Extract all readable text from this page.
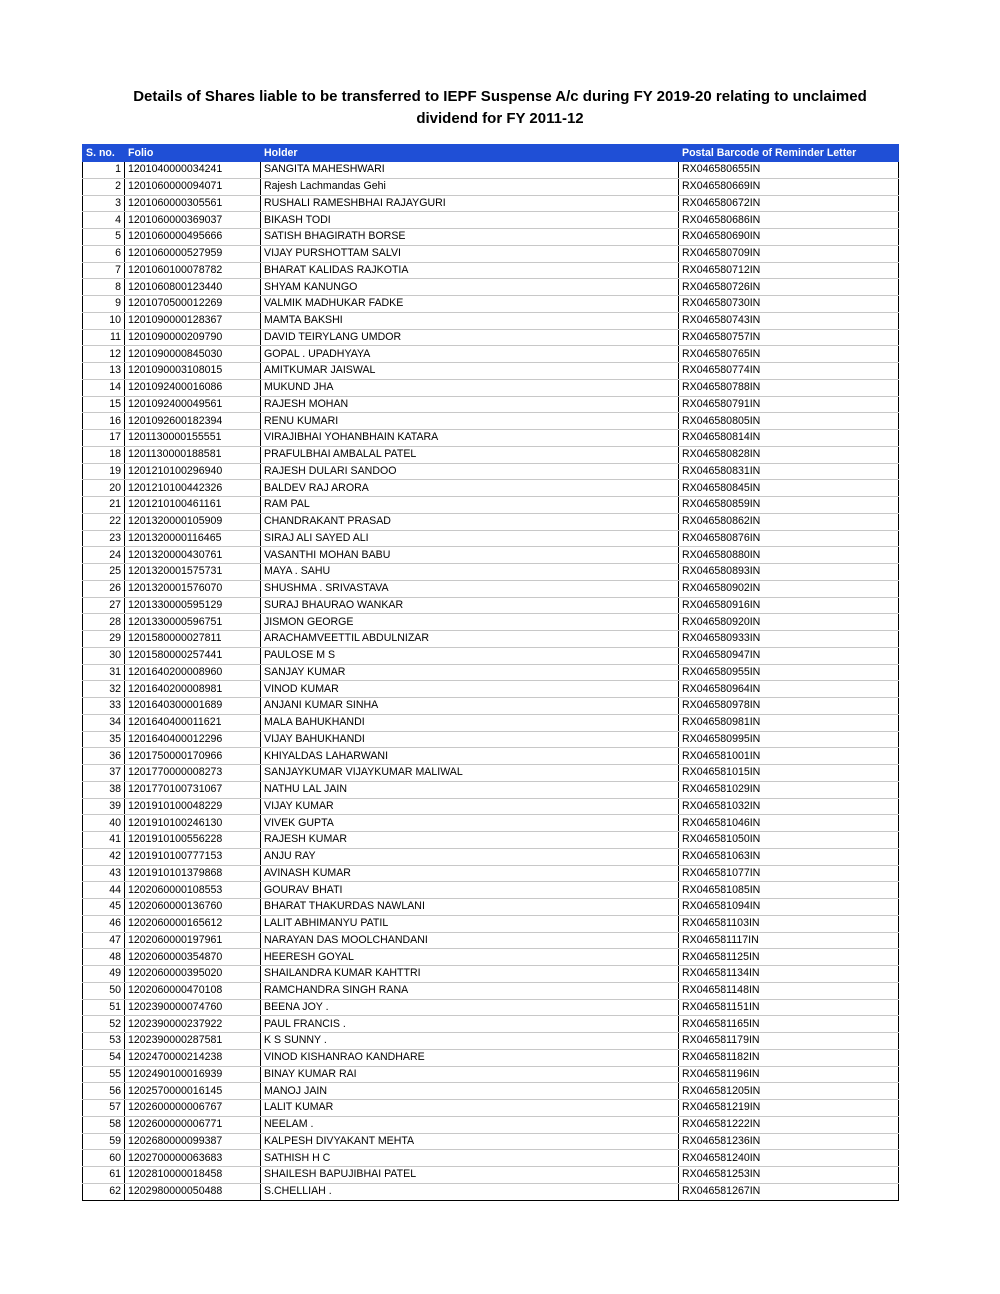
Details of Shares liable to be transferred to IEPF Suspense A/c during FY 2019-20 relating to unclaimed
dividend for FY 2011-12
S. no.	Folio	Holder	Postal Barcode of Reminder Letter
1	1201040000034241	SANGITA MAHESHWARI	RX046580655IN
2	1201060000094071	Rajesh Lachmandas Gehi	RX046580669IN
3	1201060000305561	RUSHALI RAMESHBHAI RAJAYGURI	RX046580672IN
4	1201060000369037	BIKASH TODI	RX046580686IN
5	1201060000495666	SATISH BHAGIRATH BORSE	RX046580690IN
6	1201060000527959	VIJAY PURSHOTTAM SALVI	RX046580709IN
7	1201060100078782	BHARAT KALIDAS RAJKOTIA	RX046580712IN
8	1201060800123440	SHYAM KANUNGO	RX046580726IN
9	1201070500012269	VALMIK MADHUKAR FADKE	RX046580730IN
10	1201090000128367	MAMTA BAKSHI	RX046580743IN
11	1201090000209790	DAVID TEIRYLANG UMDOR	RX046580757IN
12	1201090000845030	GOPAL . UPADHYAYA	RX046580765IN
13	1201090003108015	AMITKUMAR JAISWAL	RX046580774IN
14	1201092400016086	MUKUND JHA	RX046580788IN
15	1201092400049561	RAJESH MOHAN	RX046580791IN
16	1201092600182394	RENU KUMARI	RX046580805IN
17	1201130000155551	VIRAJIBHAI YOHANBHAIN KATARA	RX046580814IN
18	1201130000188581	PRAFULBHAI AMBALAL PATEL	RX046580828IN
19	1201210100296940	RAJESH DULARI SANDOO	RX046580831IN
20	1201210100442326	BALDEV RAJ ARORA	RX046580845IN
21	1201210100461161	RAM PAL	RX046580859IN
22	1201320000105909	CHANDRAKANT PRASAD	RX046580862IN
23	1201320000116465	SIRAJ ALI SAYED ALI	RX046580876IN
24	1201320000430761	VASANTHI MOHAN BABU	RX046580880IN
25	1201320001575731	MAYA . SAHU	RX046580893IN
26	1201320001576070	SHUSHMA . SRIVASTAVA	RX046580902IN
27	1201330000595129	SURAJ BHAURAO WANKAR	RX046580916IN
28	1201330000596751	JISMON GEORGE	RX046580920IN
29	1201580000027811	ARACHAMVEETTIL ABDULNIZAR	RX046580933IN
30	1201580000257441	PAULOSE M S	RX046580947IN
31	1201640200008960	SANJAY KUMAR	RX046580955IN
32	1201640200008981	VINOD KUMAR	RX046580964IN
33	1201640300001689	ANJANI KUMAR SINHA	RX046580978IN
34	1201640400011621	MALA BAHUKHANDI	RX046580981IN
35	1201640400012296	VIJAY BAHUKHANDI	RX046580995IN
36	1201750000170966	KHIYALDAS LAHARWANI	RX046581001IN
37	1201770000008273	SANJAYKUMAR VIJAYKUMAR MALIWAL	RX046581015IN
38	1201770100731067	NATHU LAL JAIN	RX046581029IN
39	1201910100048229	VIJAY KUMAR	RX046581032IN
40	1201910100246130	VIVEK GUPTA	RX046581046IN
41	1201910100556228	RAJESH KUMAR	RX046581050IN
42	1201910100777153	ANJU RAY	RX046581063IN
43	1201910101379868	AVINASH KUMAR	RX046581077IN
44	1202060000108553	GOURAV BHATI	RX046581085IN
45	1202060000136760	BHARAT THAKURDAS NAWLANI	RX046581094IN
46	1202060000165612	LALIT ABHIMANYU PATIL	RX046581103IN
47	1202060000197961	NARAYAN DAS MOOLCHANDANI	RX046581117IN
48	1202060000354870	HEERESH GOYAL	RX046581125IN
49	1202060000395020	SHAILANDRA KUMAR KAHTTRI	RX046581134IN
50	1202060000470108	RAMCHANDRA SINGH RANA	RX046581148IN
51	1202390000074760	BEENA JOY .	RX046581151IN
52	1202390000237922	PAUL FRANCIS .	RX046581165IN
53	1202390000287581	K S SUNNY .	RX046581179IN
54	1202470000214238	VINOD KISHANRAO KANDHARE	RX046581182IN
55	1202490100016939	BINAY KUMAR RAI	RX046581196IN
56	1202570000016145	MANOJ JAIN	RX046581205IN
57	1202600000006767	LALIT KUMAR	RX046581219IN
58	1202600000006771	NEELAM .	RX046581222IN
59	1202680000099387	KALPESH DIVYAKANT MEHTA	RX046581236IN
60	1202700000063683	SATHISH H C	RX046581240IN
61	1202810000018458	SHAILESH BAPUJIBHAI PATEL	RX046581253IN
62	1202980000050488	S.CHELLIAH .	RX046581267IN
